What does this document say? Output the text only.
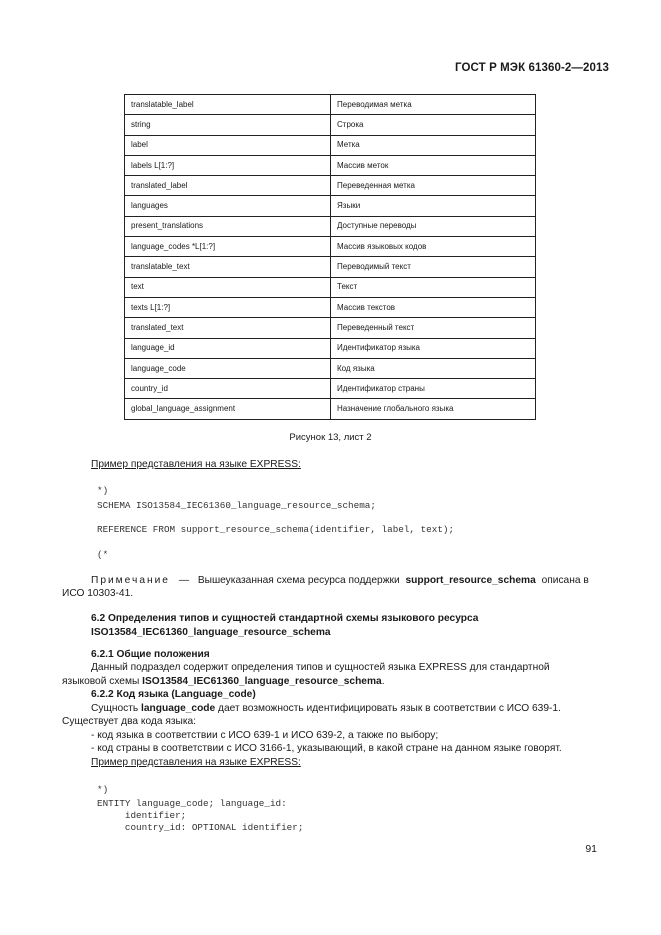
ГОСТ Р МЭК 61360-2—2013
translatable_label	Переводимая метка
string	Строка
label	Метка
labels L[1:?]	Массив меток
translated_label	Переведенная метка
languages	Языки
present_translations	Доступные переводы
language_codes *L[1:?]	Массив языковых кодов
translatable_text	Переводимый текст
text	Текст
texts L[1:?]	Массив текстов
translated_text	Переведенный текст
language_id	Идентификатор языка
language_code	Код языка
country_id	Идентификатор страны
global_language_assignment	Назначение глобального языка
Рисунок 13, лист 2
Пример представления на языке EXPRESS:
*)
SCHEMA ISO13584_IEC61360_language_resource_schema;
REFERENCE FROM support_resource_schema(identifier, label, text);
(*
Примечание — Вышеуказанная схема ресурса поддержки support_resource_schema описана в
ИСО 10303-41.
6.2 Определения типов и сущностей стандартной схемы языкового ресурса
ISO13584_IEC61360_language_resource_schema
6.2.1 Общие положения
Данный подраздел содержит определения типов и сущностей языка EXPRESS для стандартной
языковой схемы ISO13584_IEC61360_language_resource_schema.
6.2.2 Код языка (Language_code)
Сущность language_code дает возможность идентифицировать язык в соответствии с ИСО 639-1.
Существует два кода языка:
- код языка в соответствии с ИСО 639-1 и ИСО 639-2, а также по выбору;
- код страны в соответствии с ИСО 3166-1, указывающий, в какой стране на данном языке говорят.
Пример представления на языке EXPRESS:
*)
ENTITY language_code; language_id:
identifier;
country_id: OPTIONAL identifier;
91
